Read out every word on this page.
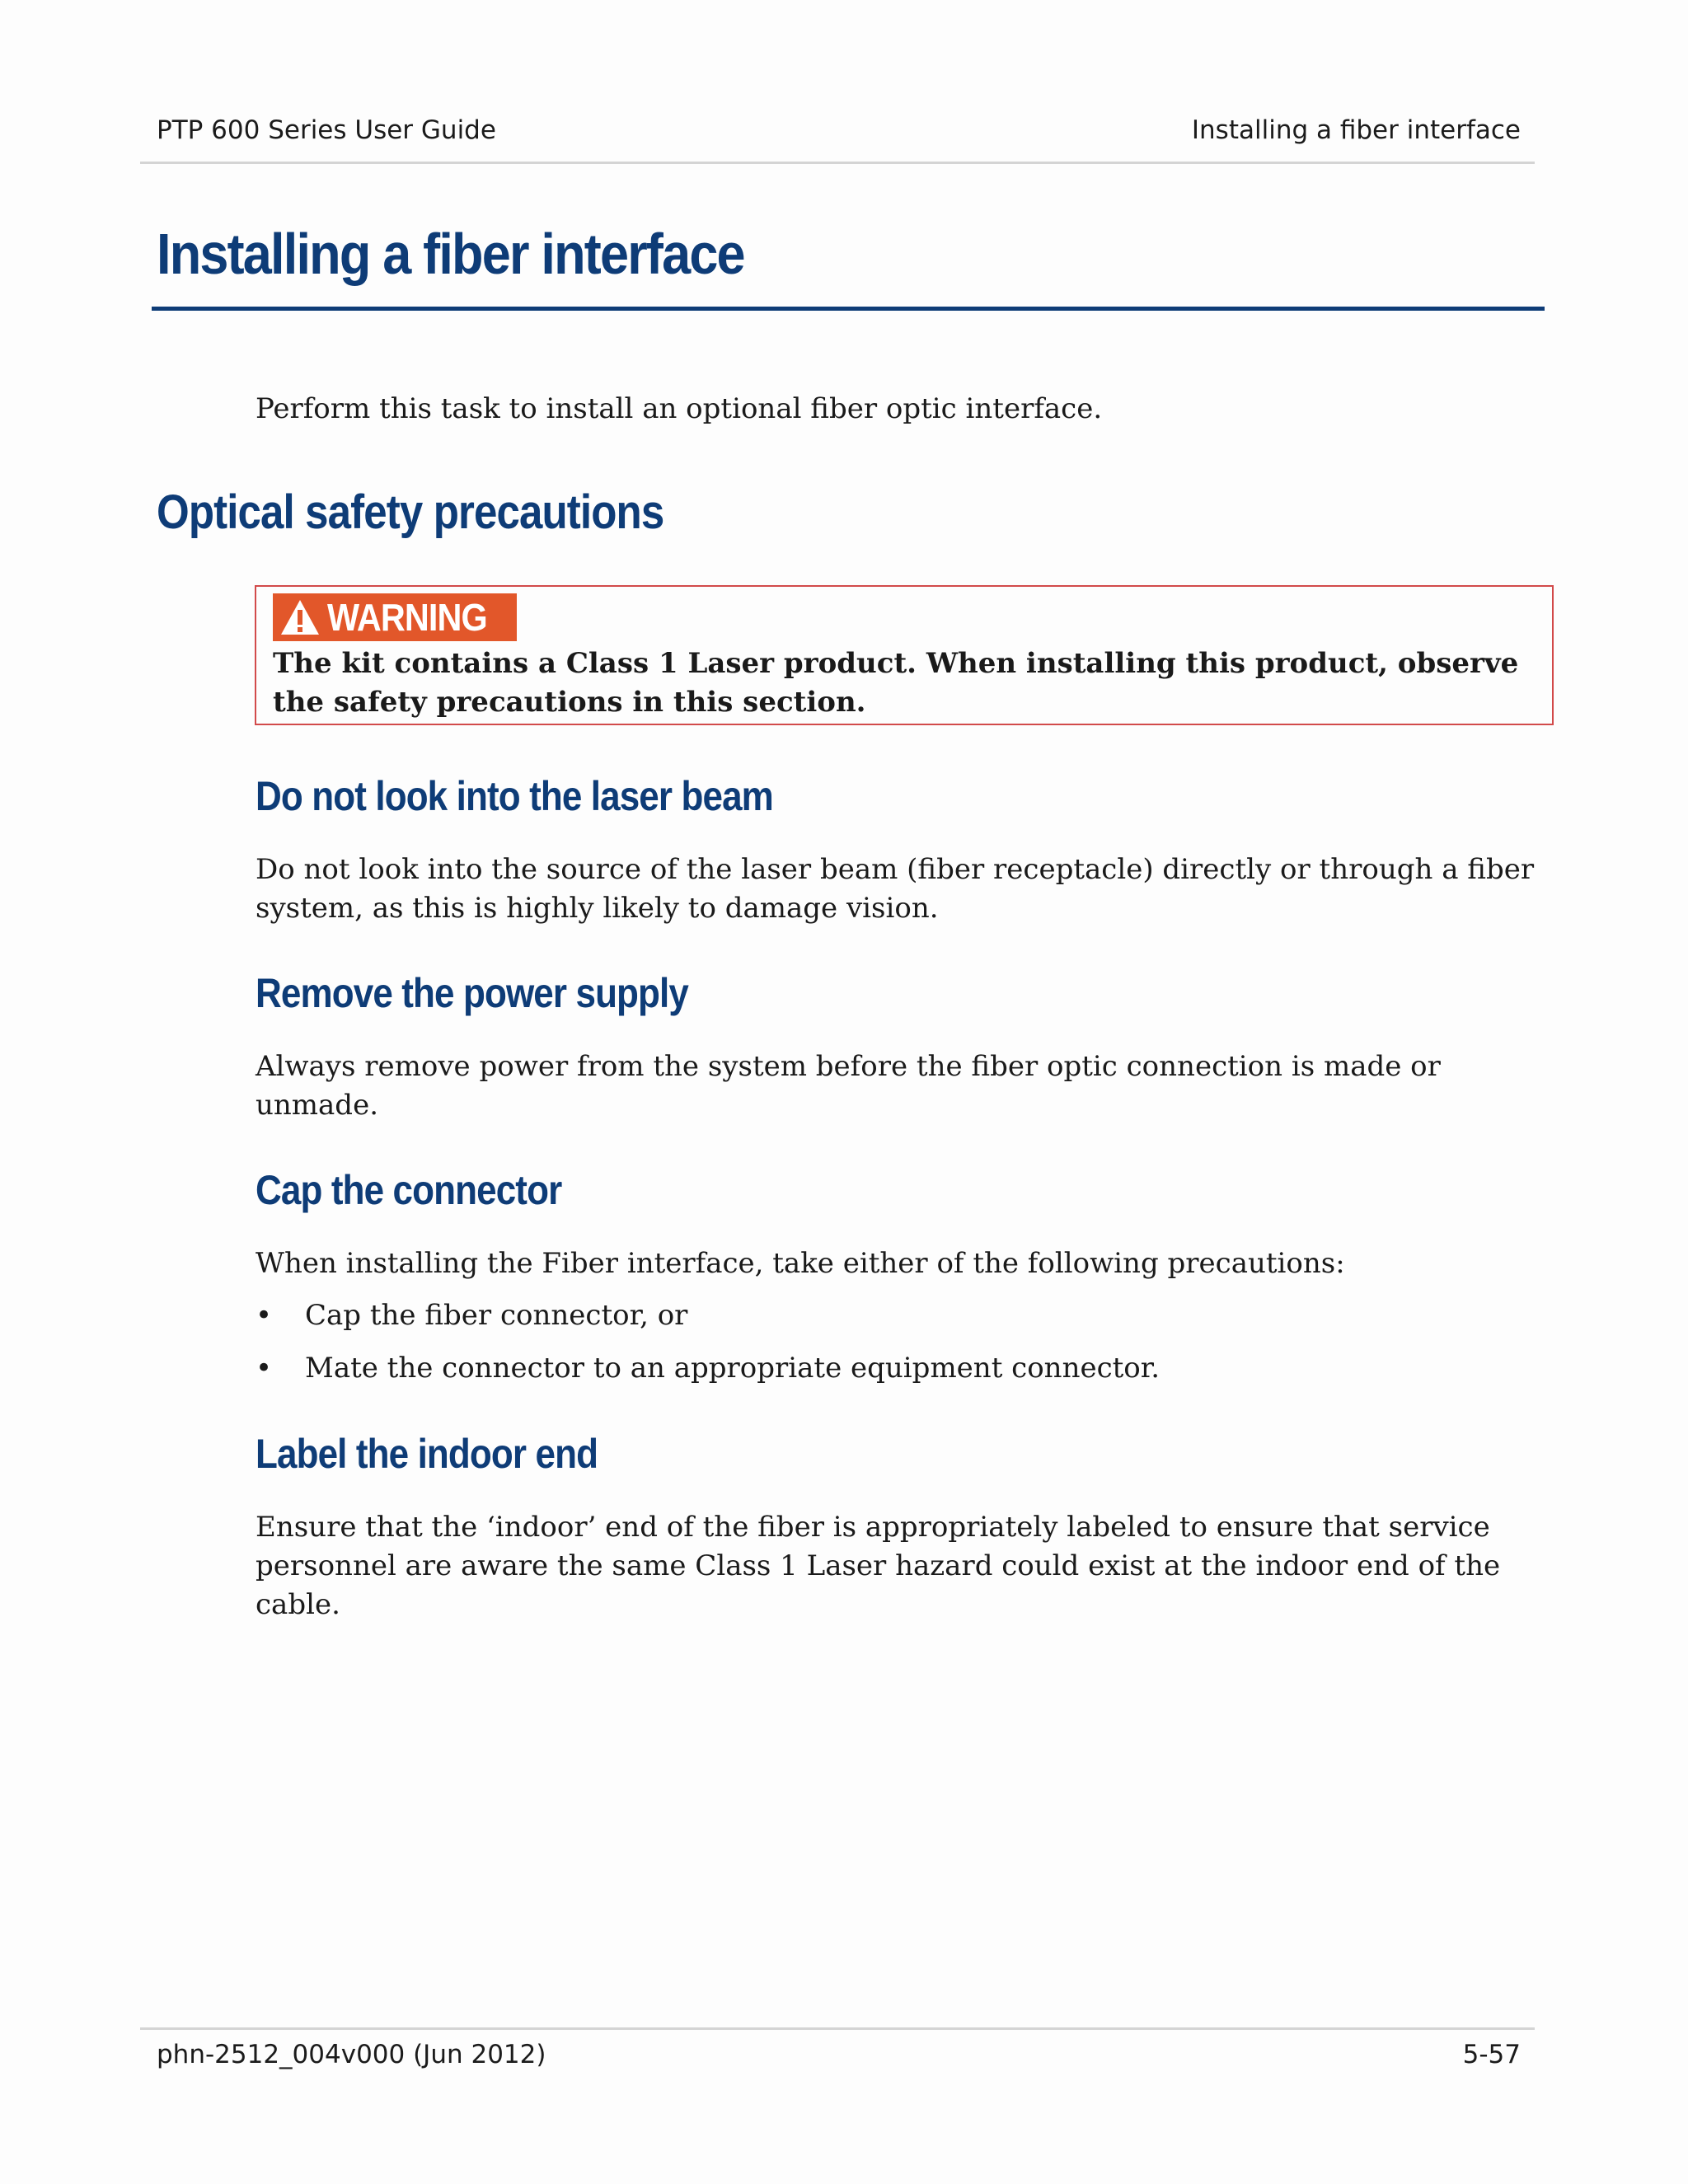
PTP 600 Series User Guide	Installing a fiber interface
Installing a fiber interface
Perform this task to install an optional fiber optic interface.
Optical safety precautions
WARNING
The kit contains a Class 1 Laser product. When installing this product, observe the safety precautions in this section.
Do not look into the laser beam
Do not look into the source of the laser beam (fiber receptacle) directly or through a fiber system, as this is highly likely to damage vision.
Remove the power supply
Always remove power from the system before the fiber optic connection is made or unmade.
Cap the connector
When installing the Fiber interface, take either of the following precautions:
• Cap the fiber connector, or
• Mate the connector to an appropriate equipment connector.
Label the indoor end
Ensure that the ‘indoor’ end of the fiber is appropriately labeled to ensure that service personnel are aware the same Class 1 Laser hazard could exist at the indoor end of the cable.
phn-2512_004v000 (Jun 2012)	5-57
